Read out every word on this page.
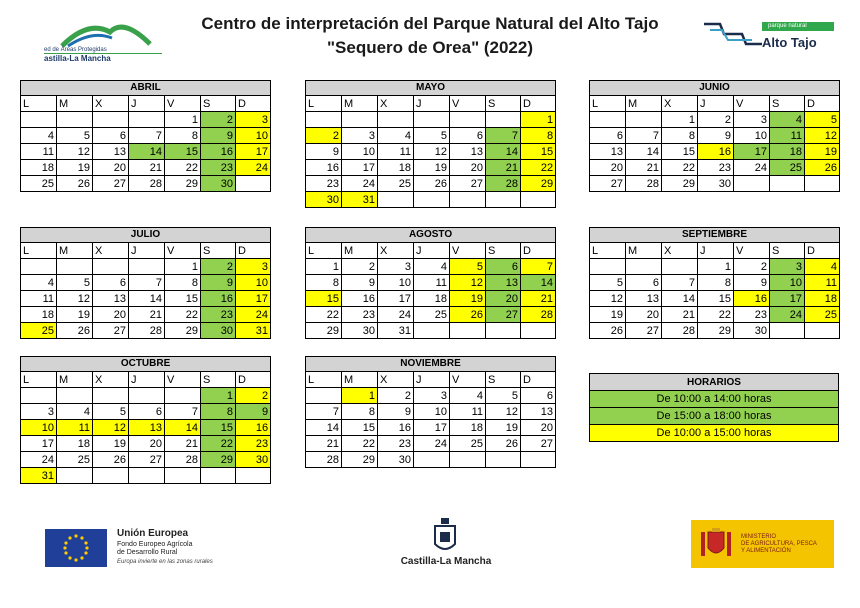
ed de Áreas Protegidas
astilla-La Mancha
Centro de interpretación del Parque Natural del Alto Tajo
"Sequero de Orea" (2022)
parque natural
Alto Tajo
ABRIL						
L	M	X	J	V	S	D
				1	2	3
4	5	6	7	8	9	10
11	12	13	14	15	16	17
18	19	20	21	22	23	24
25	26	27	28	29	30	
MAYO						
L	M	X	J	V	S	D
						1
2	3	4	5	6	7	8
9	10	11	12	13	14	15
16	17	18	19	20	21	22
23	24	25	26	27	28	29
30	31					
JUNIO						
L	M	X	J	V	S	D
		1	2	3	4	5
6	7	8	9	10	11	12
13	14	15	16	17	18	19
20	21	22	23	24	25	26
27	28	29	30			
JULIO						
L	M	X	J	V	S	D
				1	2	3
4	5	6	7	8	9	10
11	12	13	14	15	16	17
18	19	20	21	22	23	24
25	26	27	28	29	30	31
AGOSTO						
L	M	X	J	V	S	D
1	2	3	4	5	6	7
8	9	10	11	12	13	14
15	16	17	18	19	20	21
22	23	24	25	26	27	28
29	30	31				
SEPTIEMBRE						
L	M	X	J	V	S	D
			1	2	3	4
5	6	7	8	9	10	11
12	13	14	15	16	17	18
19	20	21	22	23	24	25
26	27	28	29	30		
OCTUBRE						
L	M	X	J	V	S	D
					1	2
3	4	5	6	7	8	9
10	11	12	13	14	15	16
17	18	19	20	21	22	23
24	25	26	27	28	29	30
31						
NOVIEMBRE						
L	M	X	J	V	S	D
	1	2	3	4	5	6
7	8	9	10	11	12	13
14	15	16	17	18	19	20
21	22	23	24	25	26	27
28	29	30				
HORARIOS
De 10:00 a 14:00 horas
De 15:00 a 18:00 horas
De 10:00 a 15:00 horas
Unión Europea
Fondo Europeo Agrícola
de Desarrollo Rural
Europa invierte en las zonas rurales	Castilla-La Mancha
MINISTERIO
DE AGRICULTURA, PESCA
Y ALIMENTACIÓN
